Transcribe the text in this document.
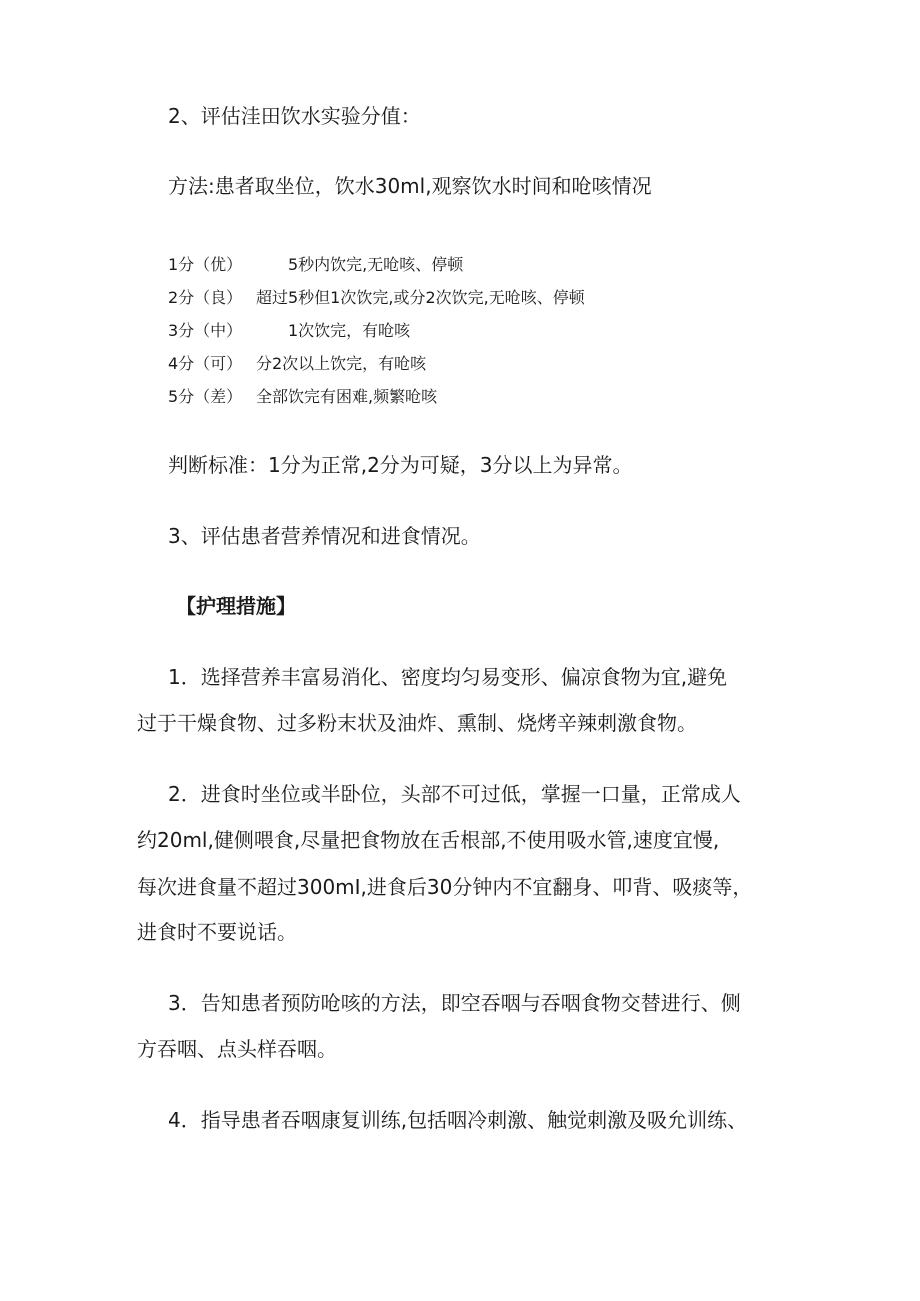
2、评估洼田饮水实验分值：
方法:患者取坐位，饮水30ml,观察饮水时间和呛咳情况
1分（优）	5秒内饮完,无呛咳、停顿
2分（良） 超过5秒但1次饮完,或分2次饮完,无呛咳、停顿
3分（中）	1次饮完，有呛咳
4分（可） 分2次以上饮完，有呛咳
5分（差） 全部饮完有困难,频繁呛咳
判断标准：1分为正常,2分为可疑，3分以上为异常。
3、评估患者营养情况和进食情况。
【护理措施】
1．选择营养丰富易消化、密度均匀易变形、偏凉食物为宜,避免
过于干燥食物、过多粉末状及油炸、熏制、烧烤辛辣刺激食物。
2．进食时坐位或半卧位，头部不可过低，掌握一口量，正常成人
约20ml,健侧喂食,尽量把食物放在舌根部,不使用吸水管,速度宜慢,
每次进食量不超过300mI,进食后30分钟内不宜翻身、叩背、吸痰等，
进食时不要说话。
3．告知患者预防呛咳的方法，即空吞咽与吞咽食物交替进行、侧
方吞咽、点头样吞咽。
4．指导患者吞咽康复训练,包括咽冷刺激、触觉刺激及吸允训练、
